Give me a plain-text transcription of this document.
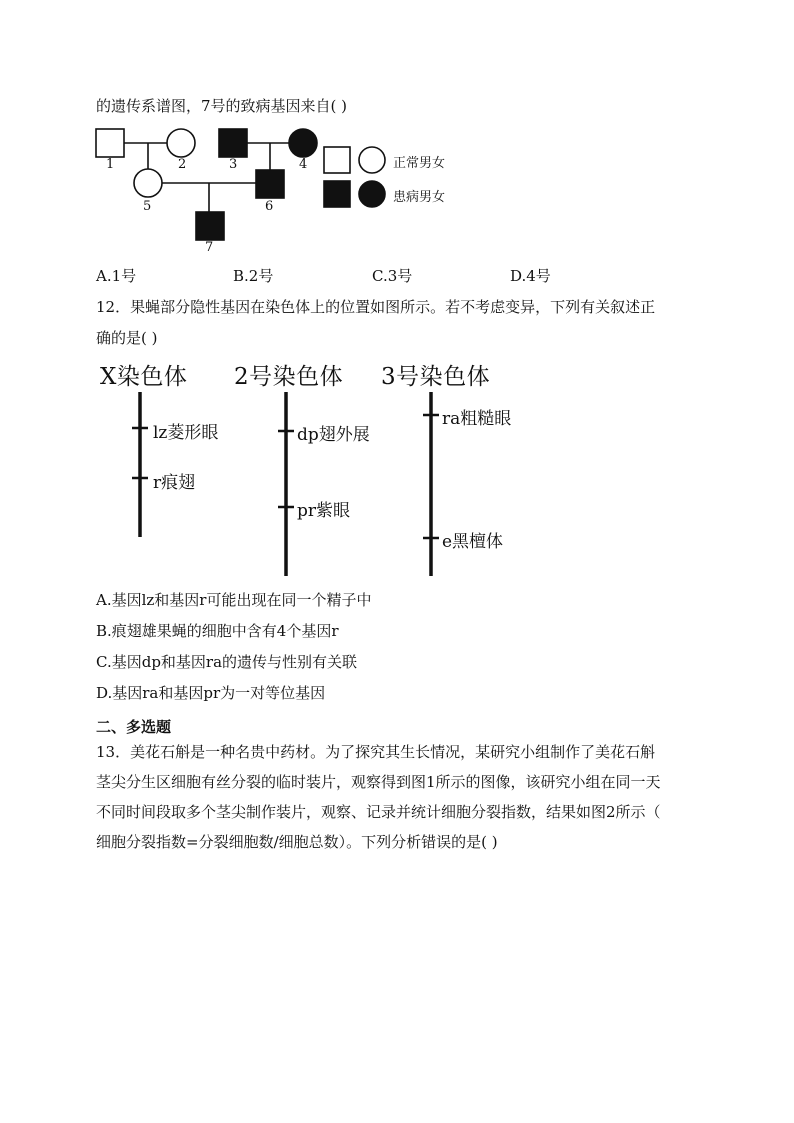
的遗传系谱图，7号的致病基因来自( )
1	2	3	4
5	6
7
正常男女
患病男女
A.1号	B.2号	C.3号	D.4号
12．果蝇部分隐性基因在染色体上的位置如图所示。若不考虑变异，下列有关叙述正
确的是( )
X染色体 2号染色体 3号染色体
lz菱形眼
r痕翅
dp翅外展
pr紫眼
ra粗糙眼
e黑檀体
A.基因lz和基因r可能出现在同一个精子中
B.痕翅雄果蝇的细胞中含有4个基因r
C.基因dp和基因ra的遗传与性别有关联
D.基因ra和基因pr为一对等位基因
二、多选题
13．美花石斛是一种名贵中药材。为了探究其生长情况，某研究小组制作了美花石斛
茎尖分生区细胞有丝分裂的临时装片，观察得到图1所示的图像，该研究小组在同一天
不同时间段取多个茎尖制作装片，观察、记录并统计细胞分裂指数，结果如图2所示（
细胞分裂指数=分裂细胞数/细胞总数）。下列分析错误的是( )
